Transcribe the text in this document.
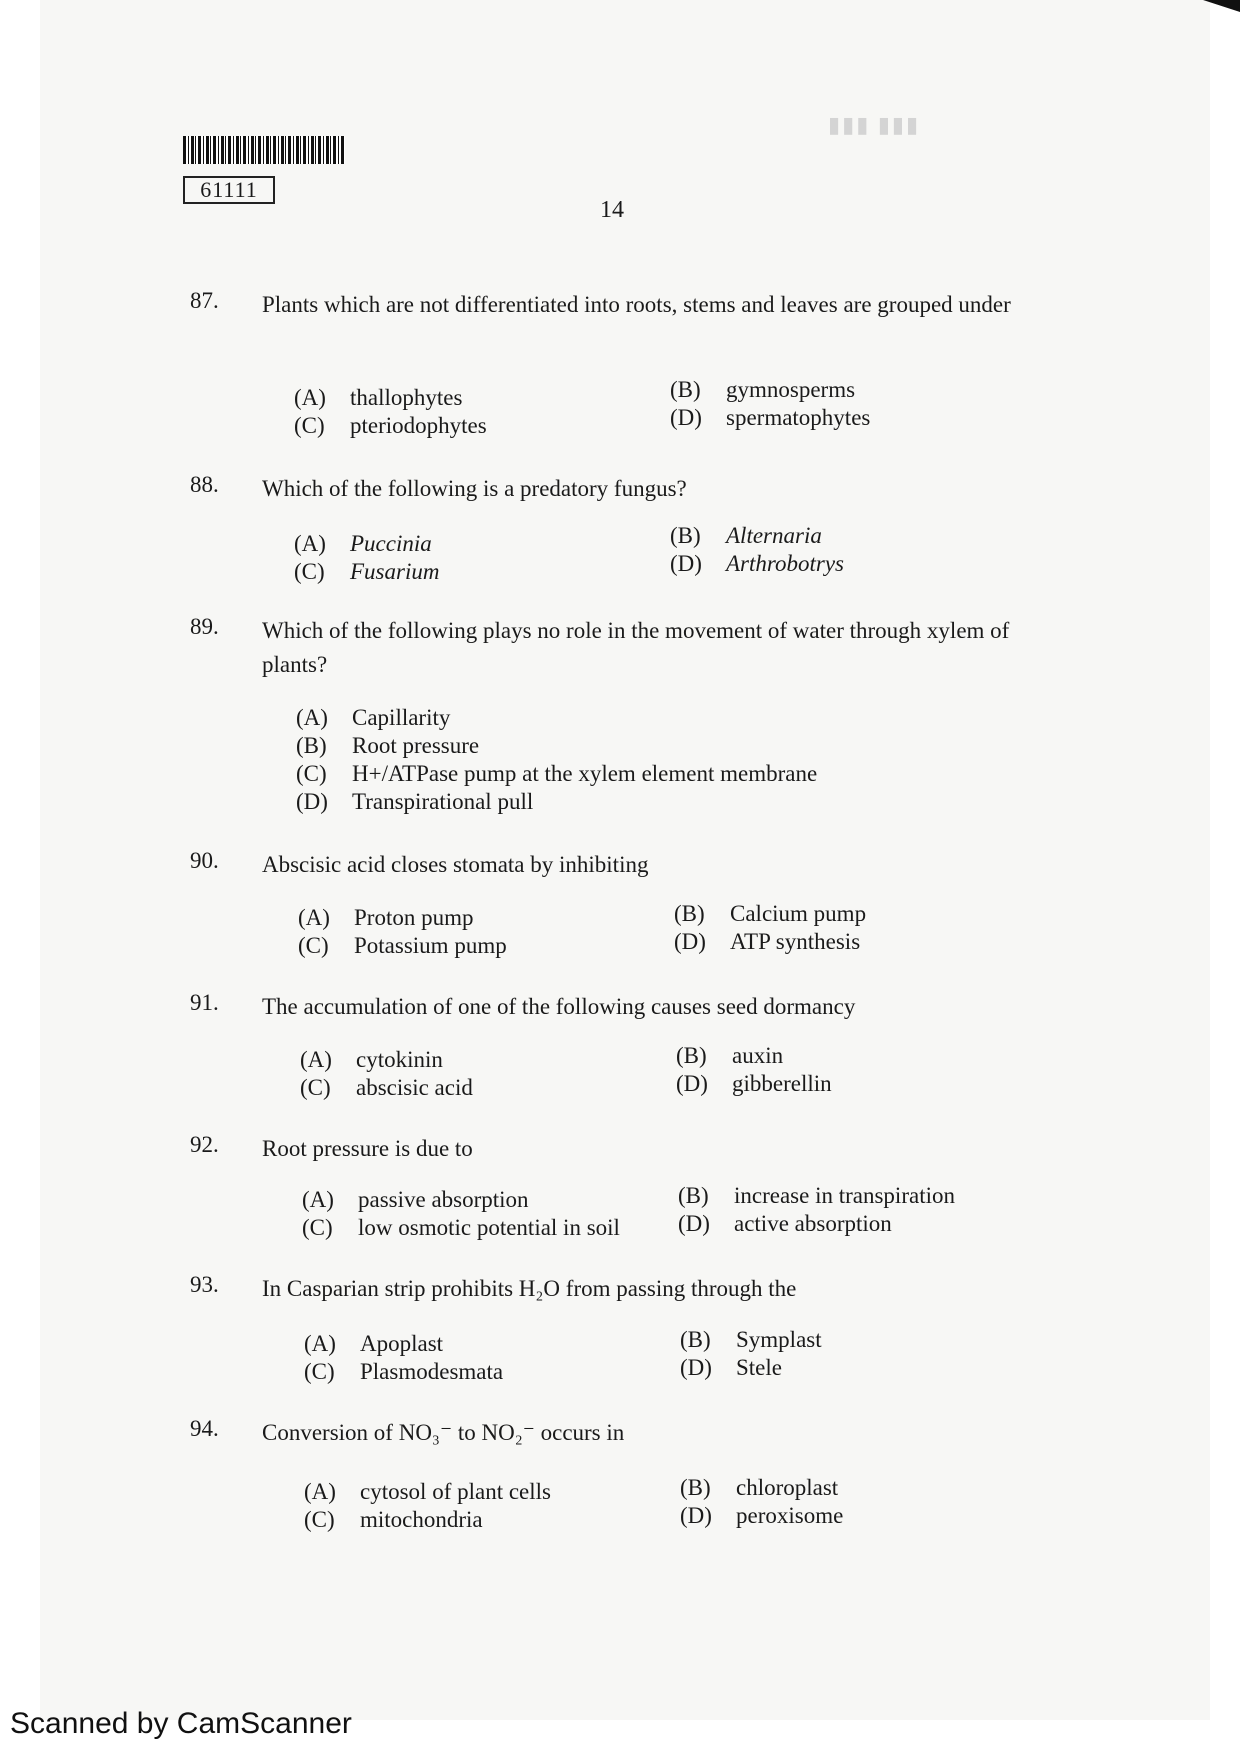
61111
▮▮▮ ▮▮▮
14
87. Plants which are not differentiated into roots, stems and leaves are grouped under
(A) thallophytes	(B) gymnosperms
(C) pteriodophytes	(D) spermatophytes
88. Which of the following is a predatory fungus?
(A) Puccinia	(B) Alternaria
(C) Fusarium	(D) Arthrobotrys
89. Which of the following plays no role in the movement of water through xylem of plants?
(A) Capillarity
(B) Root pressure
(C) H+/ATPase pump at the xylem element membrane
(D) Transpirational pull
90. Abscisic acid closes stomata by inhibiting
(A) Proton pump	(B) Calcium pump
(C) Potassium pump	(D) ATP synthesis
91. The accumulation of one of the following causes seed dormancy
(A) cytokinin	(B) auxin
(C) abscisic acid	(D) gibberellin
92. Root pressure is due to
(A) passive absorption	(B) increase in transpiration
(C) low osmotic potential in soil	(D) active absorption
93. In Casparian strip prohibits H₂O from passing through the
(A) Apoplast	(B) Symplast
(C) Plasmodesmata	(D) Stele
94. Conversion of NO₃⁻ to NO₂⁻ occurs in
(A) cytosol of plant cells	(B) chloroplast
(C) mitochondria	(D) peroxisome
Scanned by CamScanner
